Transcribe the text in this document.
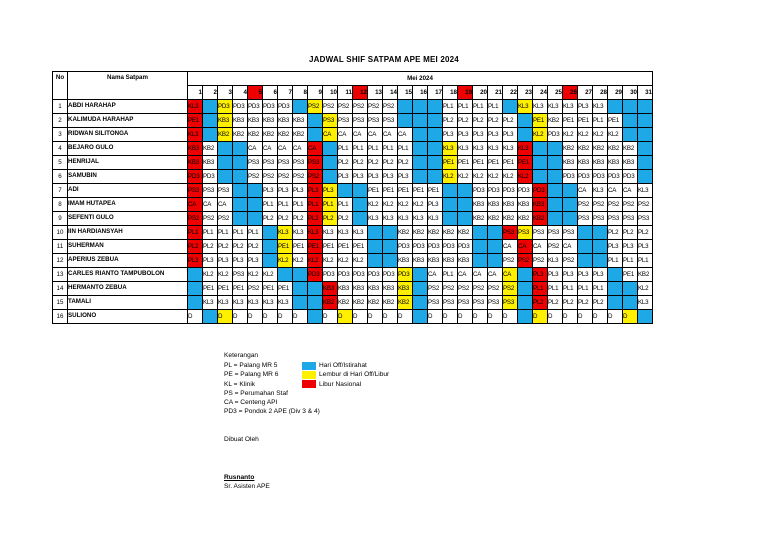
JADWAL SHIF SATPAM APE MEI 2024
No	Nama Satpam	Mei 2024																														
		1	2	3	4	5	6	7	8	9	10	11	12	13	14	15	16	17	18	19	20	21	22	23	24	25	26	27	28	29	30	31
1	ABDI HARAHAP	KL3		PD3	PD3	PD3	PD3	PD3		PS2	PS2	PS2	PS2	PS2	PS2				PL1	PL1	PL1	PL1		KL3	KL3	KL3	KL3	PL3	KL3			
2	KALIMUDA HARAHAP	PE1		KB3	KB3	KB3	KB3	KB3	KB3		PS3	PS3	PS3	PS3	PS3				PL2	PL2	PL2	PL2	PL2		PE1	KB2	PE1	PE1	PL1	PE1		
3	RIDWAN SILITONGA	KL3		KB2	KB2	KB2	KB2	KB2	KB2		CA	CA	CA	CA	CA	CA			PL3	PL3	PL3	PL3	PL3		KL2	PD3	KL2	KL2	KL2	KL2		
4	BEJARO GULO	KB3	KB2			CA	CA	CA	CA	CA		PL1	PL1	PL1	PL1	PL1			KL3	KL3	KL3	KL3	KL3	KL3			KB2	KB2	KB2	KB2	KB2	
5	HENRIJAL	KB3	KB3			PS3	PS3	PS3	PS3	PS3		PL2	PL2	PL2	PL2	PL2			PE1	PE1	PE1	PE1	PE1	PE1			KB3	KB3	KB3	KB3	KB3	
6	SAMUBIN	PD3	PD3			PS2	PS2	PS2	PS2	PS2		PL3	PL3	PL3	PL3	PL3			KL2	KL2	KL2	KL2	KL2	KL2			PD3	PD3	PD3	PD3	PD3	
7	ADI	PS3	PS3	PS3			PL3	PL3	PL3	PL3	PL3			PE1	PE1	PE1	PE1	PE1			PD3	PD3	PD3	PD3	PD3			CA	KL3	CA	CA	KL3
8	IMAM HUTAPEA	CA	CA	CA			PL1	PL1	PL1	PL1	PL1	PL1		KL2	KL2	KL2	KL2	PL3			KB3	KB3	KB3	KB3	KB3			PS2	PS2	PS2	PS2	PS2
9	SEFENTI GULO	PS2	PS2	PS2			PL2	PL2	PL2	PL2	PL2	PL2		KL3	KL3	KL3	KL3	KL3			KB2	KB2	KB2	KB2	KB2			PS3	PS3	PS3	PS3	PS3
10	IIN HARDIANSYAH	PL1	PL1	PL1	PL1	PL1		KL3	KL3	KL3	KL3	KL3	KL3			KB2	KB2	KB2	KB2	KB2			PS3	PS3	PS3	PS3	PS3			PL2	PL2	PL2
11	SUHERMAN	PL2	PL2	PL2	PL2	PL2		PE1	PE1	PE1	PE1	PE1	PE1			PD3	PD3	PD3	PD3	PD3			CA	CA	CA	PS2	CA			PL3	PL3	PL3
12	APERIUS ZEBUA	PL3	PL3	PL3	PL3	PL3		KL2	KL2	KL2	KL2	KL2	KL2			KB3	KB3	KB3	KB3	KB3			PS2	PS2	PS2	KL3	PS2			PL1	PL1	PL1
13	CARLES RIANTO TAMPUBOLON		KL2	KL2	PS3	KL2	KL2			PD3	PD3	PD3	PD3	PD3	PD3	PD3		CA	PL1	CA	CA	CA	CA		PL3	PL3	PL3	PL3	PL3		PE1	KB2
14	HERMANTO ZEBUA		PE1	PE1	PE1	PS2	PE1	PE1			KB3	KB3	KB3	KB3	KB3	KB3		PS2	PS2	PS2	PS2	PS2	PS2		PL1	PL1	PL1	PL1	PL1			KL2
15	TAMALI		KL3	KL3	KL3	KL3	KL3	KL3			KB2	KB2	KB2	KB2	KB2	KB2		PS3	PS3	PS3	PS3	PS3	PS3		PL2	PL2	PL2	PL2	PL2			KL3
16	SULIONO	D		D	D	D	D	D	D		D	D	D	D	D	D		D	D	D	D	D	D		D	D	D	D	D	D	D	
Keterangan
PL = Palang MR 5	Hari Off/Istirahat
PE = Palang MR 6	Lembur di Hari Off/Libur
KL = Klinik	Libur Nasional
PS = Perumahan Staf
CA = Centeng API
PD3 = Pondok 2 APE (Div 3 & 4)
Dibuat Oleh
Rusnanto
Sr. Asisten APE
